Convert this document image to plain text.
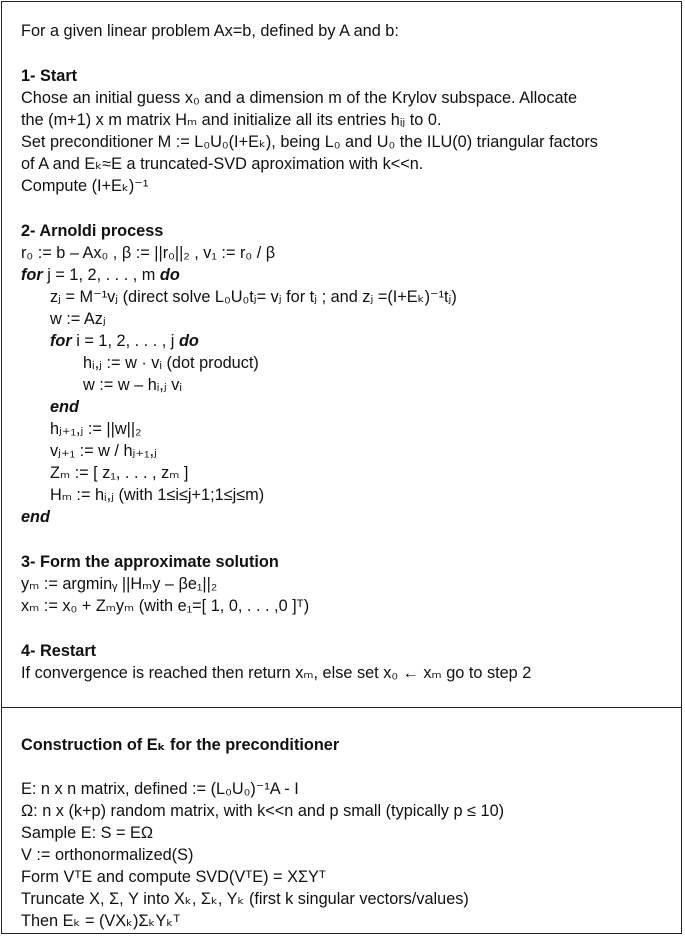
For a given linear problem Ax=b, defined by A and b:
1- Start
Chose an initial guess x₀ and a dimension m of the Krylov subspace. Allocate
the (m+1) x m matrix Hₘ and initialize all its entries hᵢⱼ to 0.
Set preconditioner M := L₀U₀(I+Eₖ), being L₀ and U₀ the ILU(0) triangular factors
of A and Eₖ≈E a truncated-SVD aproximation with k<<n.
Compute (I+Eₖ)⁻¹
2- Arnoldi process
r₀ := b – Ax₀ , β := ||r₀||₂ , v₁ := r₀ / β
for j = 1, 2, . . . , m do
zⱼ = M⁻¹vⱼ (direct solve L₀U₀tⱼ= vⱼ for tⱼ ; and zⱼ =(I+Eₖ)⁻¹tⱼ)
w := Azⱼ
for i = 1, 2, . . . , j do
hᵢ,ⱼ := w · vᵢ (dot product)
w := w – hᵢ,ⱼ vᵢ
end
hⱼ₊₁,ⱼ := ||w||₂
vⱼ₊₁ := w / hⱼ₊₁,ⱼ
Zₘ := [ z₁, . . . , zₘ ]
Hₘ := hᵢ,ⱼ (with 1≤i≤j+1;1≤j≤m)
end
3- Form the approximate solution
yₘ := argminᵧ ||Hₘy – βe₁||₂
xₘ := x₀ + Zₘyₘ (with e₁=[ 1, 0, . . . ,0 ]ᵀ)
4- Restart
If convergence is reached then return xₘ, else set x₀ ← xₘ go to step 2
Construction of Eₖ for the preconditioner
E: n x n matrix, defined := (L₀U₀)⁻¹A - I
Ω: n x (k+p) random matrix, with k<<n and p small (typically p ≤ 10)
Sample E: S = EΩ
V := orthonormalized(S)
Form VᵀE and compute SVD(VᵀE) = XΣYᵀ
Truncate X, Σ, Y into Xₖ, Σₖ, Yₖ (first k singular vectors/values)
Then Eₖ = (VXₖ)ΣₖYₖᵀ
